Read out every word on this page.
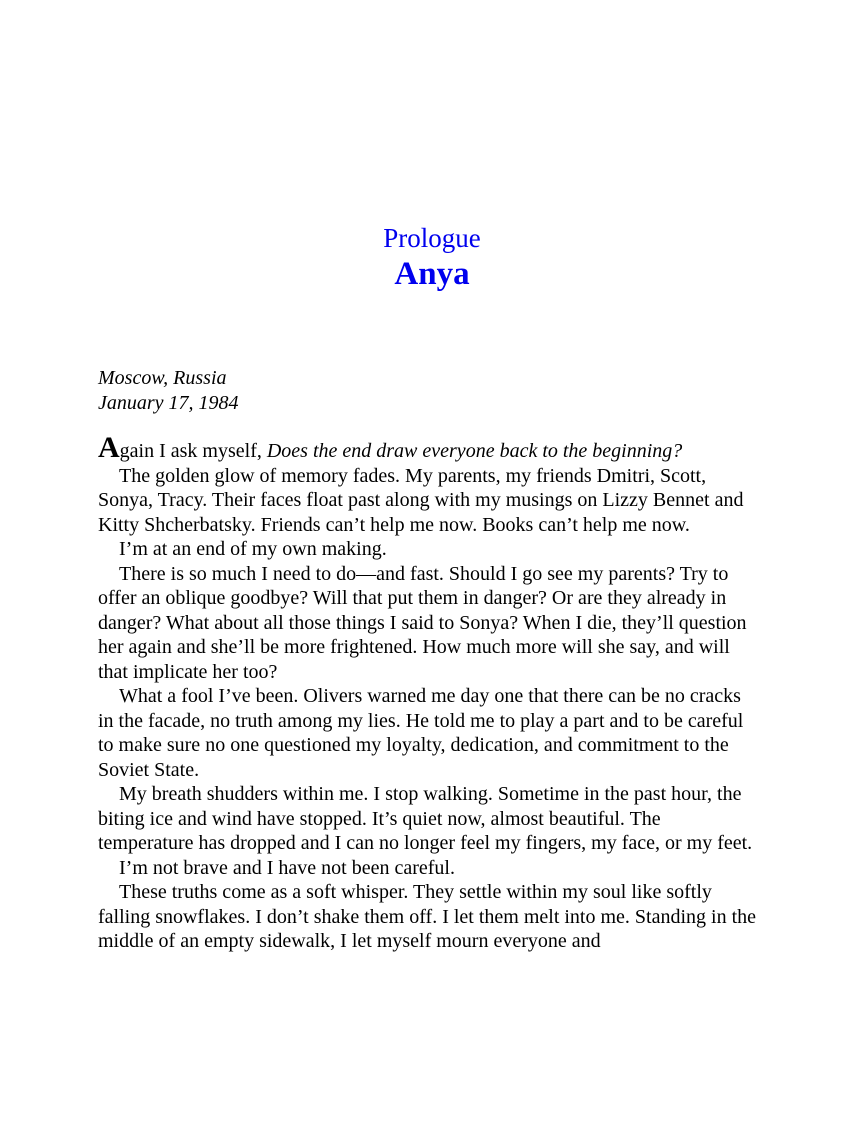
Prologue
Anya
Moscow, Russia
January 17, 1984

Again I ask myself, Does the end draw everyone back to the beginning?

The golden glow of memory fades. My parents, my friends Dmitri, Scott, Sonya, Tracy. Their faces float past along with my musings on Lizzy Bennet and Kitty Shcherbatsky. Friends can’t help me now. Books can’t help me now.

I’m at an end of my own making.

There is so much I need to do—and fast. Should I go see my parents? Try to offer an oblique goodbye? Will that put them in danger? Or are they already in danger? What about all those things I said to Sonya? When I die, they’ll question her again and she’ll be more frightened. How much more will she say, and will that implicate her too?

What a fool I’ve been. Olivers warned me day one that there can be no cracks in the facade, no truth among my lies. He told me to play a part and to be careful to make sure no one questioned my loyalty, dedication, and commitment to the Soviet State.

My breath shudders within me. I stop walking. Sometime in the past hour, the biting ice and wind have stopped. It’s quiet now, almost beautiful. The temperature has dropped and I can no longer feel my fingers, my face, or my feet.

I’m not brave and I have not been careful.

These truths come as a soft whisper. They settle within my soul like softly falling snowflakes. I don’t shake them off. I let them melt into me. Standing in the middle of an empty sidewalk, I let myself mourn everyone and
